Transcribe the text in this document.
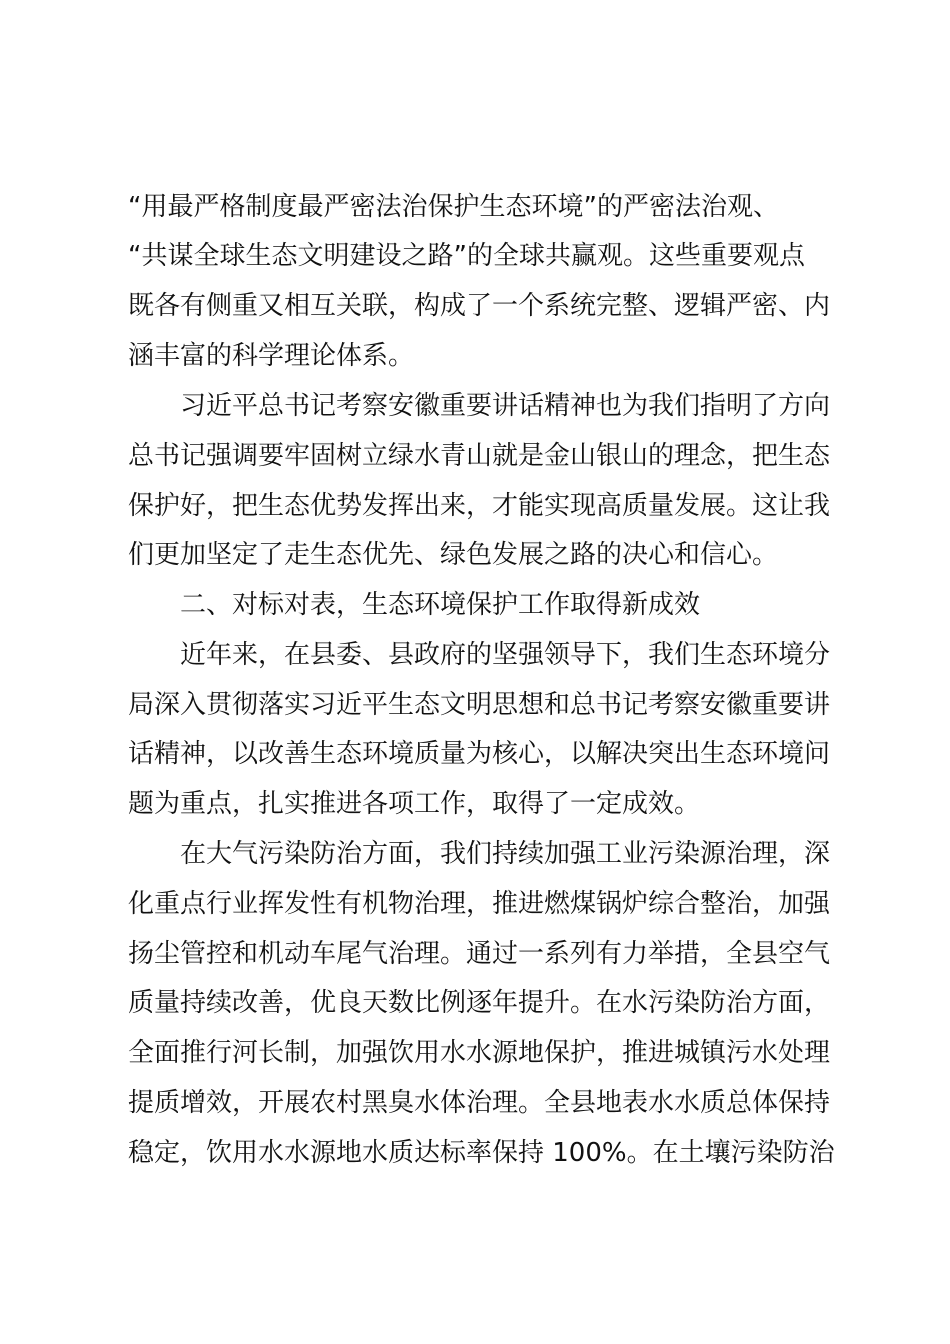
“用最严格制度最严密法治保护生态环境”的严密法治观、
“共谋全球生态文明建设之路”的全球共赢观。这些重要观点
既各有侧重又相互关联，构成了一个系统完整、逻辑严密、内
涵丰富的科学理论体系。
习近平总书记考察安徽重要讲话精神也为我们指明了方向
总书记强调要牢固树立绿水青山就是金山银山的理念，把生态
保护好，把生态优势发挥出来，才能实现高质量发展。这让我
们更加坚定了走生态优先、绿色发展之路的决心和信心。
二、对标对表，生态环境保护工作取得新成效
近年来，在县委、县政府的坚强领导下，我们生态环境分
局深入贯彻落实习近平生态文明思想和总书记考察安徽重要讲
话精神，以改善生态环境质量为核心，以解决突出生态环境问
题为重点，扎实推进各项工作，取得了一定成效。
在大气污染防治方面，我们持续加强工业污染源治理，深
化重点行业挥发性有机物治理，推进燃煤锅炉综合整治，加强
扬尘管控和机动车尾气治理。通过一系列有力举措，全县空气
质量持续改善，优良天数比例逐年提升。在水污染防治方面，
全面推行河长制，加强饮用水水源地保护，推进城镇污水处理
提质增效，开展农村黑臭水体治理。全县地表水水质总体保持
稳定，饮用水水源地水质达标率保持 100%。在土壤污染防治
